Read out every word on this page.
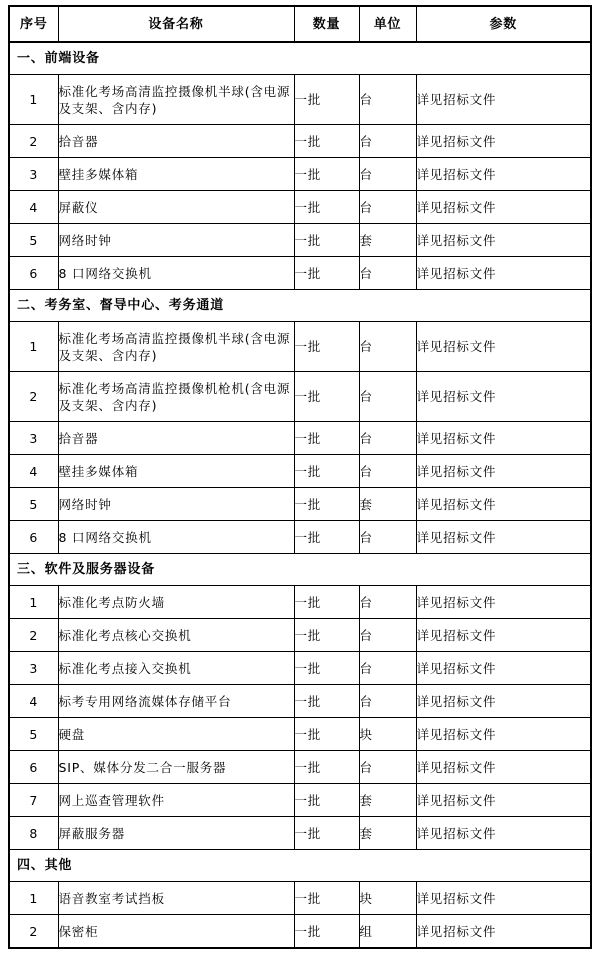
序号	设备名称	数量	单位	参数
一、前端设备				
1	标准化考场高清监控摄像机半球(含电源及支架、含内存)	一批	台	详见招标文件
2	拾音器	一批	台	详见招标文件
3	壁挂多媒体箱	一批	台	详见招标文件
4	屏蔽仪	一批	台	详见招标文件
5	网络时钟	一批	套	详见招标文件
6	8 口网络交换机	一批	台	详见招标文件
二、考务室、督导中心、考务通道				
1	标准化考场高清监控摄像机半球(含电源及支架、含内存)	一批	台	详见招标文件
2	标准化考场高清监控摄像机枪机(含电源及支架、含内存)	一批	台	详见招标文件
3	拾音器	一批	台	详见招标文件
4	壁挂多媒体箱	一批	台	详见招标文件
5	网络时钟	一批	套	详见招标文件
6	8 口网络交换机	一批	台	详见招标文件
三、软件及服务器设备				
1	标准化考点防火墙	一批	台	详见招标文件
2	标准化考点核心交换机	一批	台	详见招标文件
3	标准化考点接入交换机	一批	台	详见招标文件
4	标考专用网络流媒体存储平台	一批	台	详见招标文件
5	硬盘	一批	块	详见招标文件
6	SIP、媒体分发二合一服务器	一批	台	详见招标文件
7	网上巡查管理软件	一批	套	详见招标文件
8	屏蔽服务器	一批	套	详见招标文件
四、其他				
1	语音教室考试挡板	一批	块	详见招标文件
2	保密柜	一批	组	详见招标文件
